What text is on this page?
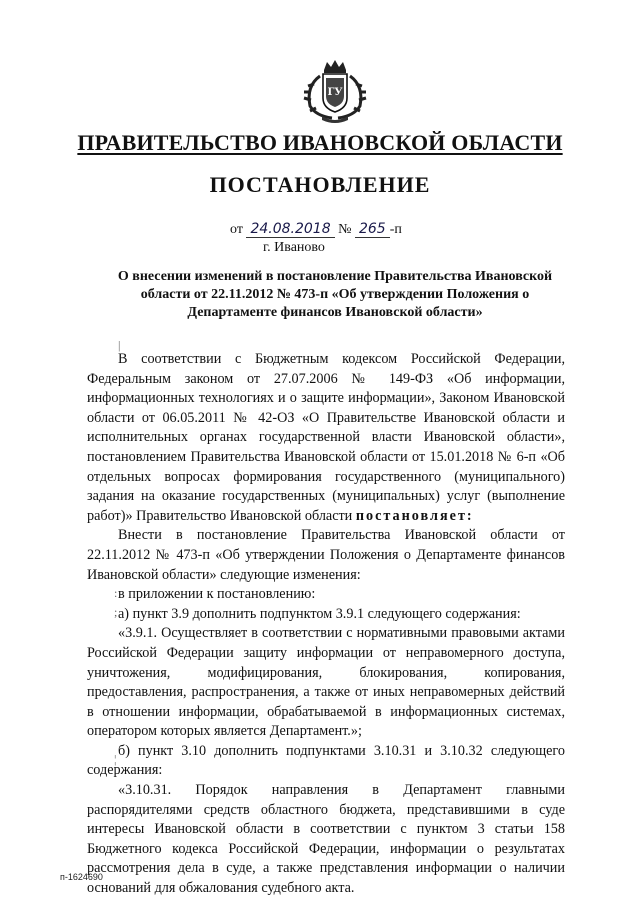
ГУ
ПРАВИТЕЛЬСТВО ИВАНОВСКОЙ ОБЛАСТИ
ПОСТАНОВЛЕНИЕ
от 24.08.2018 № 265 -п
г. Иваново
О внесении изменений в постановление Правительства Ивановской области от 22.11.2012 № 473-п «Об утверждении Положения о Департаменте финансов Ивановской области»
|
:
;
¦

В соответствии с Бюджетным кодексом Российской Федерации, Федеральным законом от 27.07.2006 № 149-ФЗ «Об информации, информационных технологиях и о защите информации», Законом Ивановской области от 06.05.2011 № 42-ОЗ «О Правительстве Ивановской области и исполнительных органах государственной власти Ивановской области», постановлением Правительства Ивановской области от 15.01.2018 № 6-п «Об отдельных вопросах формирования государственного (муниципального) задания на оказание государственных (муниципальных) услуг (выполнение работ)» Правительство Ивановской области постановляет:

Внести в постановление Правительства Ивановской области от 22.11.2012 № 473-п «Об утверждении Положения о Департаменте финансов Ивановской области» следующие изменения:

в приложении к постановлению:

а) пункт 3.9 дополнить подпунктом 3.9.1 следующего содержания:

«3.9.1. Осуществляет в соответствии с нормативными правовыми актами Российской Федерации защиту информации от неправомерного доступа, уничтожения, модифицирования, блокирования, копирования, предоставления, распространения, а также от иных неправомерных действий в отношении информации, обрабатываемой в информационных системах, оператором которых является Департамент.»;

б) пункт 3.10 дополнить подпунктами 3.10.31 и 3.10.32 следующего содержания:

«3.10.31. Порядок направления в Департамент главными распорядителями средств областного бюджета, представившими в суде интересы Ивановской области в соответствии с пунктом 3 статьи 158 Бюджетного кодекса Российской Федерации, информации о результатах рассмотрения дела в суде, а также представления информации о наличии оснований для обжалования судебного акта.

п-1624690
